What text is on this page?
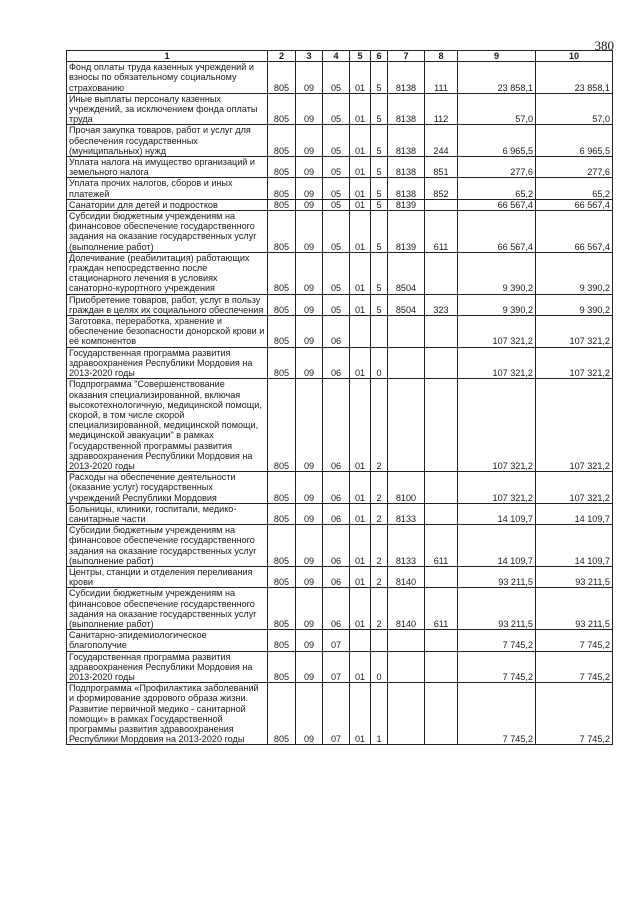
380
1	2	3	4	5	6	7	8	9	10
Фонд оплаты труда казенных учреждений и взносы по обязательному социальному страхованию	805	09	05	01	5	8138	111	23 858,1	23 858,1
Иные выплаты персоналу казенных учреждений, за исключением фонда оплаты труда	805	09	05	01	5	8138	112	57,0	57,0
Прочая закупка товаров, работ и услуг для обеспечения государственных (муниципальных) нужд	805	09	05	01	5	8138	244	6 965,5	6 965,5
Уплата налога на имущество организаций и земельного налога	805	09	05	01	5	8138	851	277,6	277,6
Уплата прочих налогов, сборов и иных платежей	805	09	05	01	5	8138	852	65,2	65,2
Санатории для детей и подростков	805	09	05	01	5	8139		66 567,4	66 567,4
Субсидии бюджетным учреждениям на финансовое обеспечение государственного задания на оказание государственных услуг (выполнение работ)	805	09	05	01	5	8139	611	66 567,4	66 567,4
Долечивание (реабилитация) работающих граждан непосредственно после стационарного лечения в условиях санаторно-курортного учреждения	805	09	05	01	5	8504		9 390,2	9 390,2
Приобретение товаров, работ, услуг в пользу граждан в целях их социального обеспечения	805	09	05	01	5	8504	323	9 390,2	9 390,2
Заготовка, переработка, хранение и обеспечение безопасности донорской крови и её компонентов	805	09	06					107 321,2	107 321,2
Государственная программа развития здравоохранения Республики Мордовия на 2013-2020 годы	805	09	06	01	0			107 321,2	107 321,2
Подпрограмма "Совершенствование оказания специализированной, включая высокотехнологичную, медицинской помощи, скорой, в том числе скорой специализированной, медицинской помощи, медицинской эвакуации" в рамках Государственной программы развития здравоохранения Республики Мордовия на 2013-2020 годы	805	09	06	01	2			107 321,2	107 321,2
Расходы на обеспечение деятельности (оказание услуг) государственных учреждений Республики Мордовия	805	09	06	01	2	8100		107 321,2	107 321,2
Больницы, клиники, госпитали, медико-санитарные части	805	09	06	01	2	8133		14 109,7	14 109,7
Субсидии бюджетным учреждениям на финансовое обеспечение государственного задания на оказание государственных услуг (выполнение работ)	805	09	06	01	2	8133	611	14 109,7	14 109,7
Центры, станции и отделения переливания крови	805	09	06	01	2	8140		93 211,5	93 211,5
Субсидии бюджетным учреждениям на финансовое обеспечение государственного задания на оказание государственных услуг (выполнение работ)	805	09	06	01	2	8140	611	93 211,5	93 211,5
Санитарно-эпидемиологическое благополучие	805	09	07					7 745,2	7 745,2
Государственная программа развития здравоохранения Республики Мордовия на 2013-2020 годы	805	09	07	01	0			7 745,2	7 745,2
Подпрограмма «Профилактика заболеваний и формирование здорового образа жизни. Развитие первичной медико - санитарной помощи» в рамках Государственной программы развития здравоохранения Республики Мордовия на 2013-2020 годы	805	09	07	01	1			7 745,2	7 745,2
